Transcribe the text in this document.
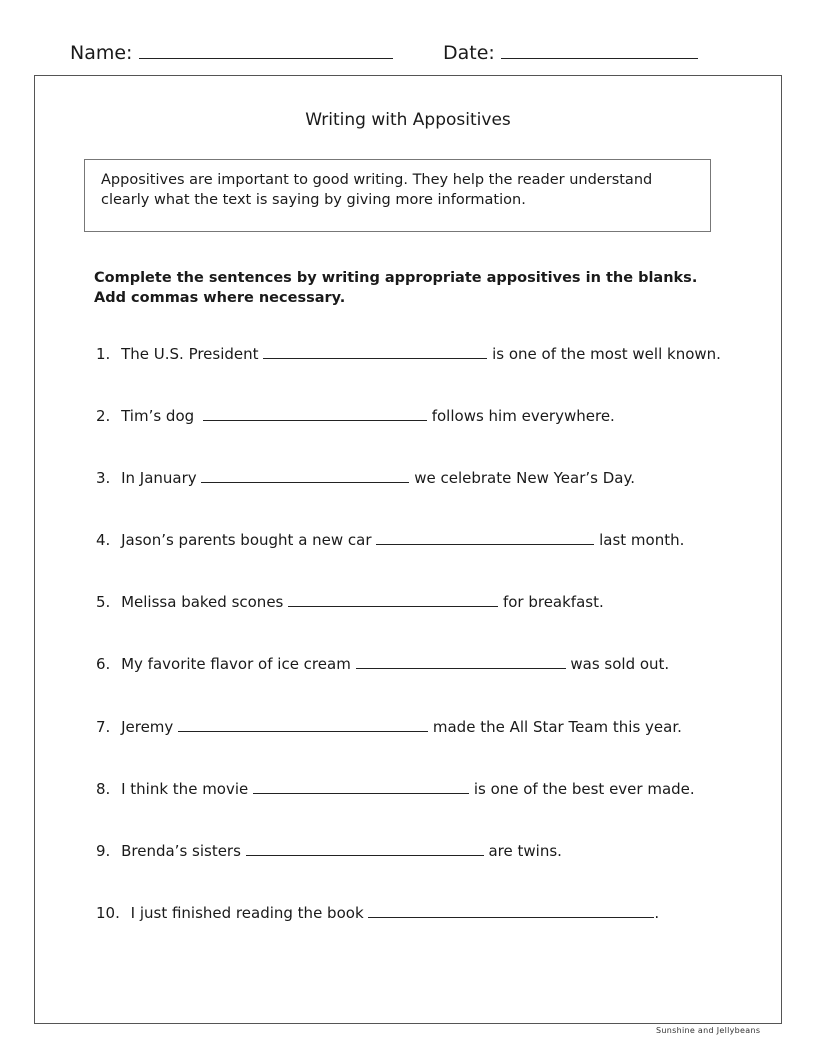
Name:	Date:
Writing with Appositives
Appositives are important to good writing. They help the reader understand clearly what the text is saying by giving more information.
Complete the sentences by writing appropriate appositives in the blanks. Add commas where necessary.
1. The U.S. President	is one of the most well known.
2. Tim’s dog	follows him everywhere.
3. In January	we celebrate New Year’s Day.
4. Jason’s parents bought a new car	last month.
5. Melissa baked scones	for breakfast.
6. My favorite flavor of ice cream	was sold out.
7. Jeremy	made the All Star Team this year.
8. I think the movie	is one of the best ever made.
9. Brenda’s sisters	are twins.
10. I just finished reading the book	.
Sunshine and Jellybeans
